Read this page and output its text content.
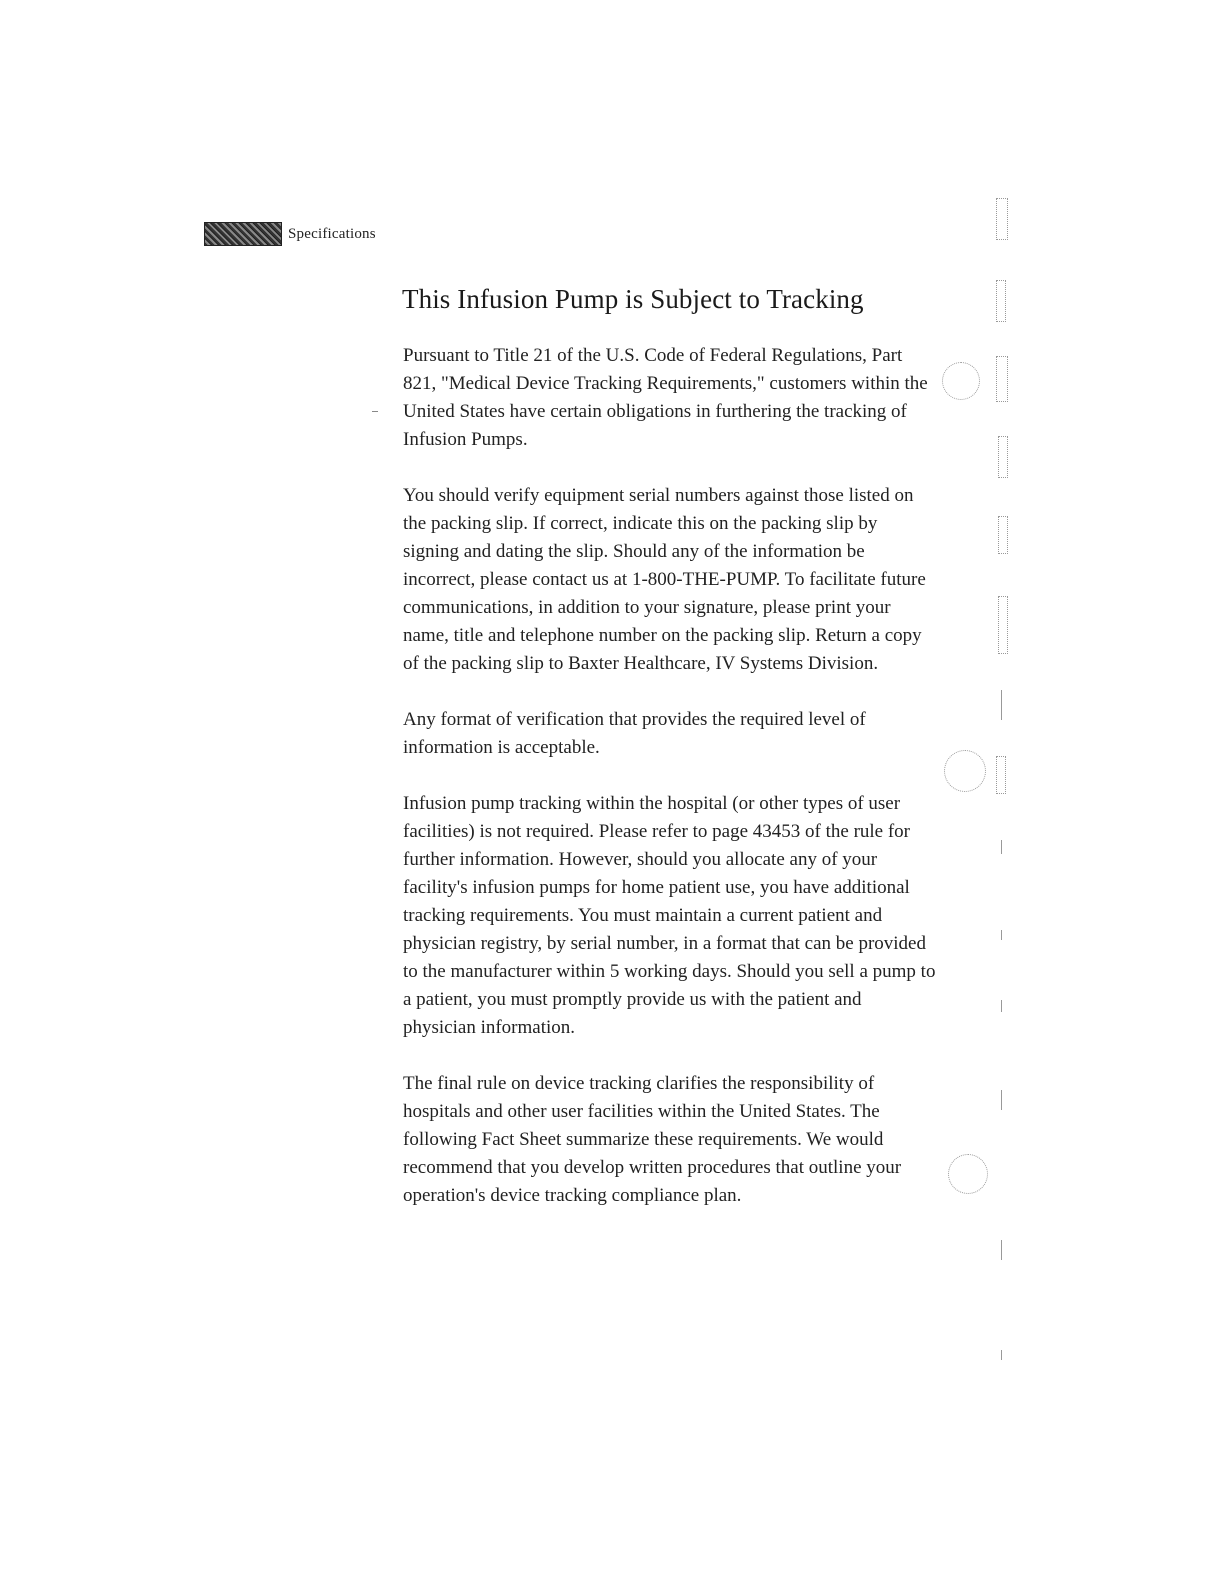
Specifications
This Infusion Pump is Subject to Tracking

Pursuant to Title 21 of the U.S. Code of Federal Regulations, Part 821, "Medical Device Tracking Requirements," customers within the United States have certain obligations in furthering the tracking of Infusion Pumps.

You should verify equipment serial numbers against those listed on the packing slip. If correct, indicate this on the packing slip by signing and dating the slip. Should any of the information be incorrect, please contact us at 1-800-THE-PUMP. To facilitate future communications, in addition to your signature, please print your name, title and telephone number on the packing slip. Return a copy of the packing slip to Baxter Healthcare, IV Systems Division.

Any format of verification that provides the required level of information is acceptable.

Infusion pump tracking within the hospital (or other types of user facilities) is not required. Please refer to page 43453 of the rule for further information. However, should you allocate any of your facility's infusion pumps for home patient use, you have additional tracking requirements. You must maintain a current patient and physician registry, by serial number, in a format that can be provided to the manufacturer within 5 working days. Should you sell a pump to a patient, you must promptly provide us with the patient and physician information.

The final rule on device tracking clarifies the responsibility of hospitals and other user facilities within the United States. The following Fact Sheet summarize these requirements. We would recommend that you develop written procedures that outline your operation's device tracking compliance plan.
